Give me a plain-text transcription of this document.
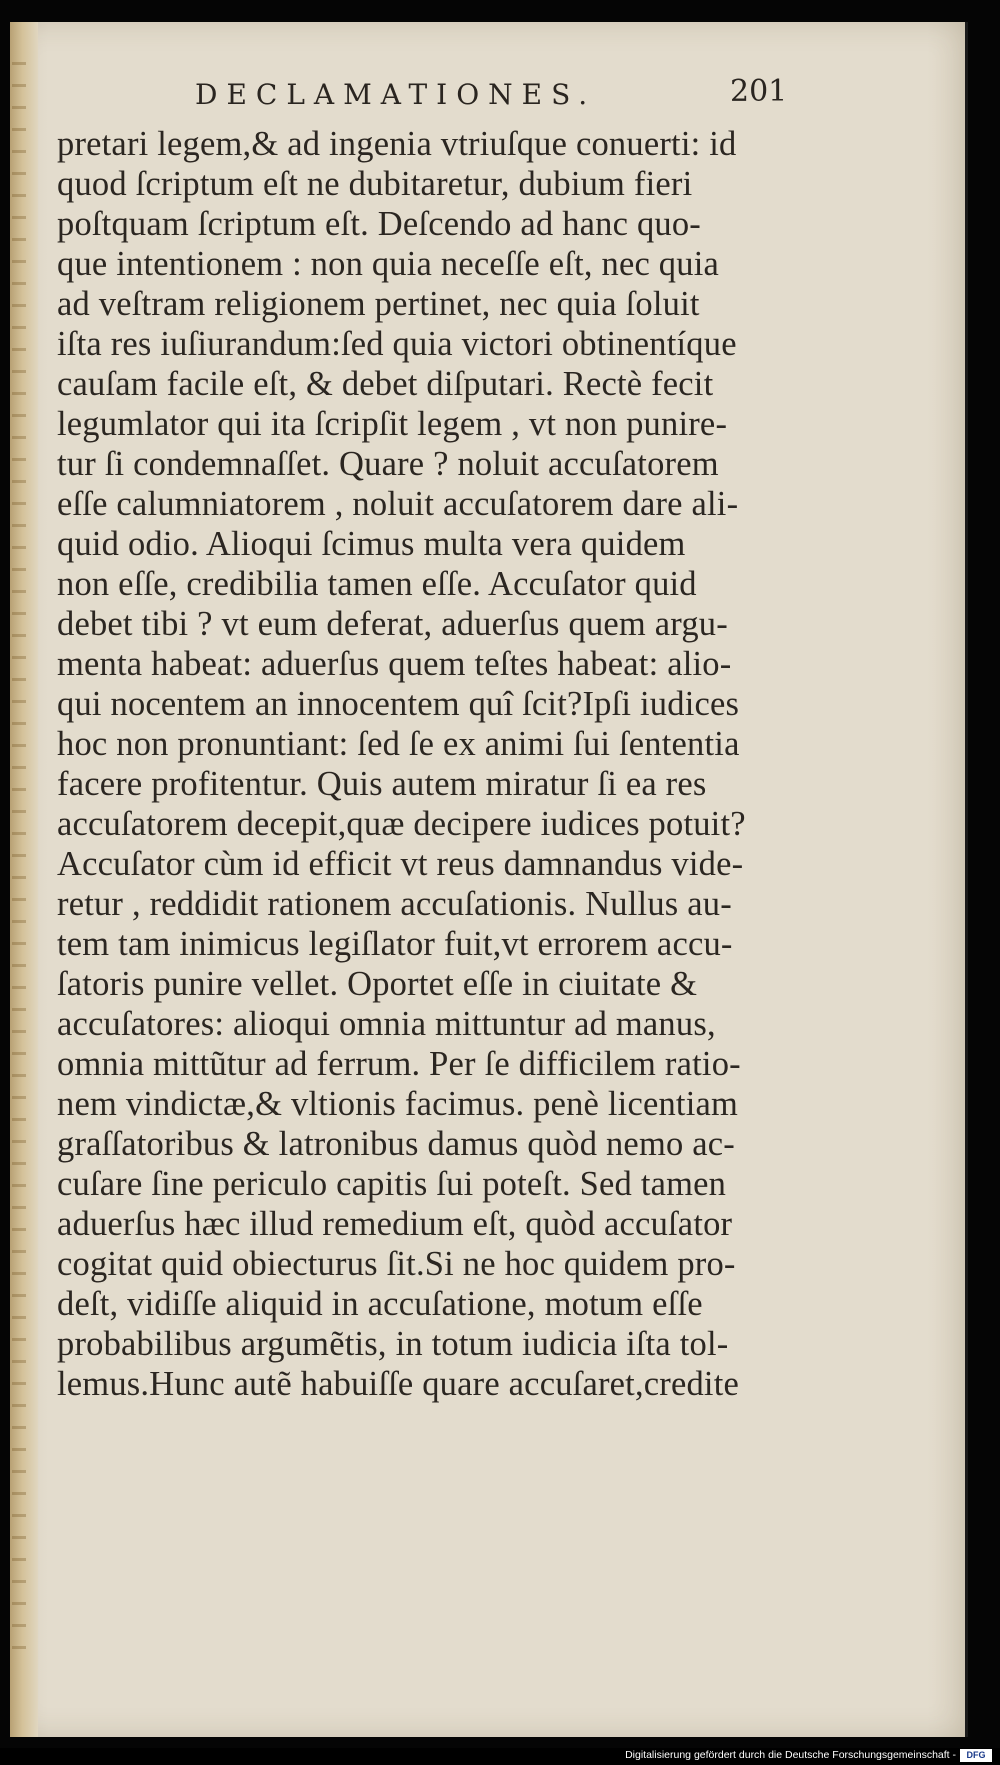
DECLAMATIONES.	201
pretari legem,& ad ingenia vtriuſque conuerti: id
quod ſcriptum eſt ne dubitaretur, dubium fieri
poſtquam ſcriptum eſt. Deſcendo ad hanc quo-
que intentionem : non quia neceſſe eſt, nec quia
ad veſtram religionem pertinet, nec quia ſoluit
iſta res iuſiurandum:ſed quia victori obtinentíque
cauſam facile eſt, & debet diſputari. Rectè fecit
legumlator qui ita ſcripſit legem , vt non punire-
tur ſi condemnaſſet. Quare ? noluit accuſatorem
eſſe calumniatorem , noluit accuſatorem dare ali-
quid odio. Alioqui ſcimus multa vera quidem
non eſſe, credibilia tamen eſſe. Accuſator quid
debet tibi ? vt eum deferat, aduerſus quem argu-
menta habeat: aduerſus quem teſtes habeat: alio-
qui nocentem an innocentem quî ſcit?Ipſi iudices
hoc non pronuntiant: ſed ſe ex animi ſui ſententia
facere profitentur. Quis autem miratur ſi ea res
accuſatorem decepit,quæ decipere iudices potuit?
Accuſator cùm id efficit vt reus damnandus vide-
retur , reddidit rationem accuſationis. Nullus au-
tem tam inimicus legiſlator fuit,vt errorem accu-
ſatoris punire vellet. Oportet eſſe in ciuitate &
accuſatores: alioqui omnia mittuntur ad manus,
omnia mittũtur ad ferrum. Per ſe difficilem ratio-
nem vindictæ,& vltionis facimus. penè licentiam
graſſatoribus & latronibus damus quòd nemo ac-
cuſare ſine periculo capitis ſui poteſt. Sed tamen
aduerſus hæc illud remedium eſt, quòd accuſator
cogitat quid obiecturus ſit.Si ne hoc quidem pro-
deſt, vidiſſe aliquid in accuſatione, motum eſſe
probabilibus argumẽtis, in totum iudicia iſta tol-
lemus.Hunc autẽ habuiſſe quare accuſaret,credite
Digitalisierung gefördert durch die Deutsche Forschungsgemeinschaft -	DFG
